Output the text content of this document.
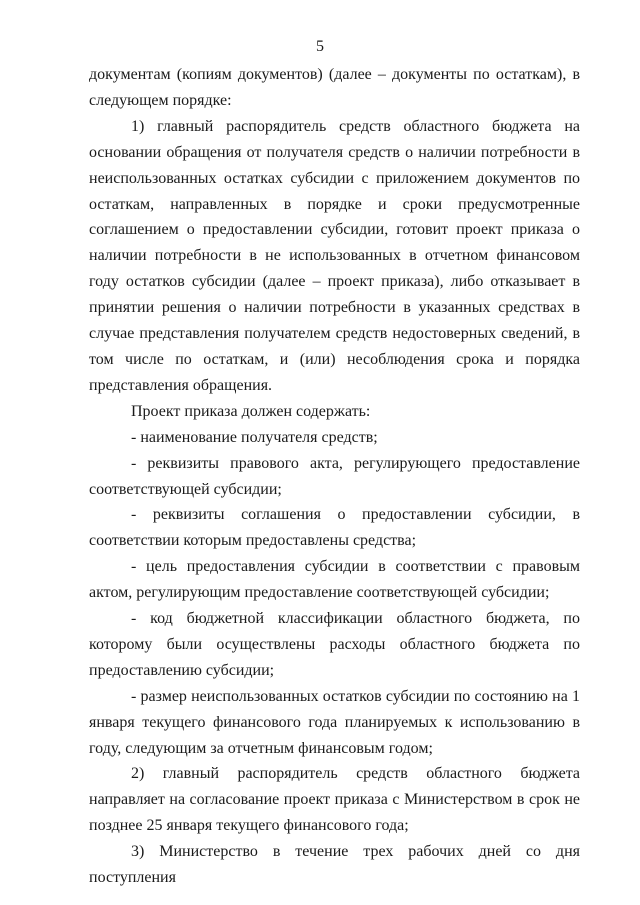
5

документам (копиям документов) (далее – документы по остаткам), в следующем порядке:

1) главный распорядитель средств областного бюджета на основании обращения от получателя средств о наличии потребности в неиспользованных остатках субсидии с приложением документов по остаткам, направленных в порядке и сроки предусмотренные соглашением о предоставлении субсидии, готовит проект приказа о наличии потребности в не использованных в отчетном финансовом году остатков субсидии (далее – проект приказа), либо отказывает в принятии решения о наличии потребности в указанных средствах в случае представления получателем средств недостоверных сведений, в том числе по остаткам, и (или) несоблюдения срока и порядка представления обращения.

Проект приказа должен содержать:

- наименование получателя средств;

- реквизиты правового акта, регулирующего предоставление соответствующей субсидии;

- реквизиты соглашения о предоставлении субсидии, в соответствии которым предоставлены средства;

- цель предоставления субсидии в соответствии с правовым актом, регулирующим предоставление соответствующей субсидии;

- код бюджетной классификации областного бюджета, по которому были осуществлены расходы областного бюджета по предоставлению субсидии;

- размер неиспользованных остатков субсидии по состоянию на 1 января текущего финансового года планируемых к использованию в году, следующим за отчетным финансовым годом;

2) главный распорядитель средств областного бюджета направляет на согласование проект приказа с Министерством в срок не позднее 25 января текущего финансового года;

3) Министерство в течение трех рабочих дней со дня поступления
